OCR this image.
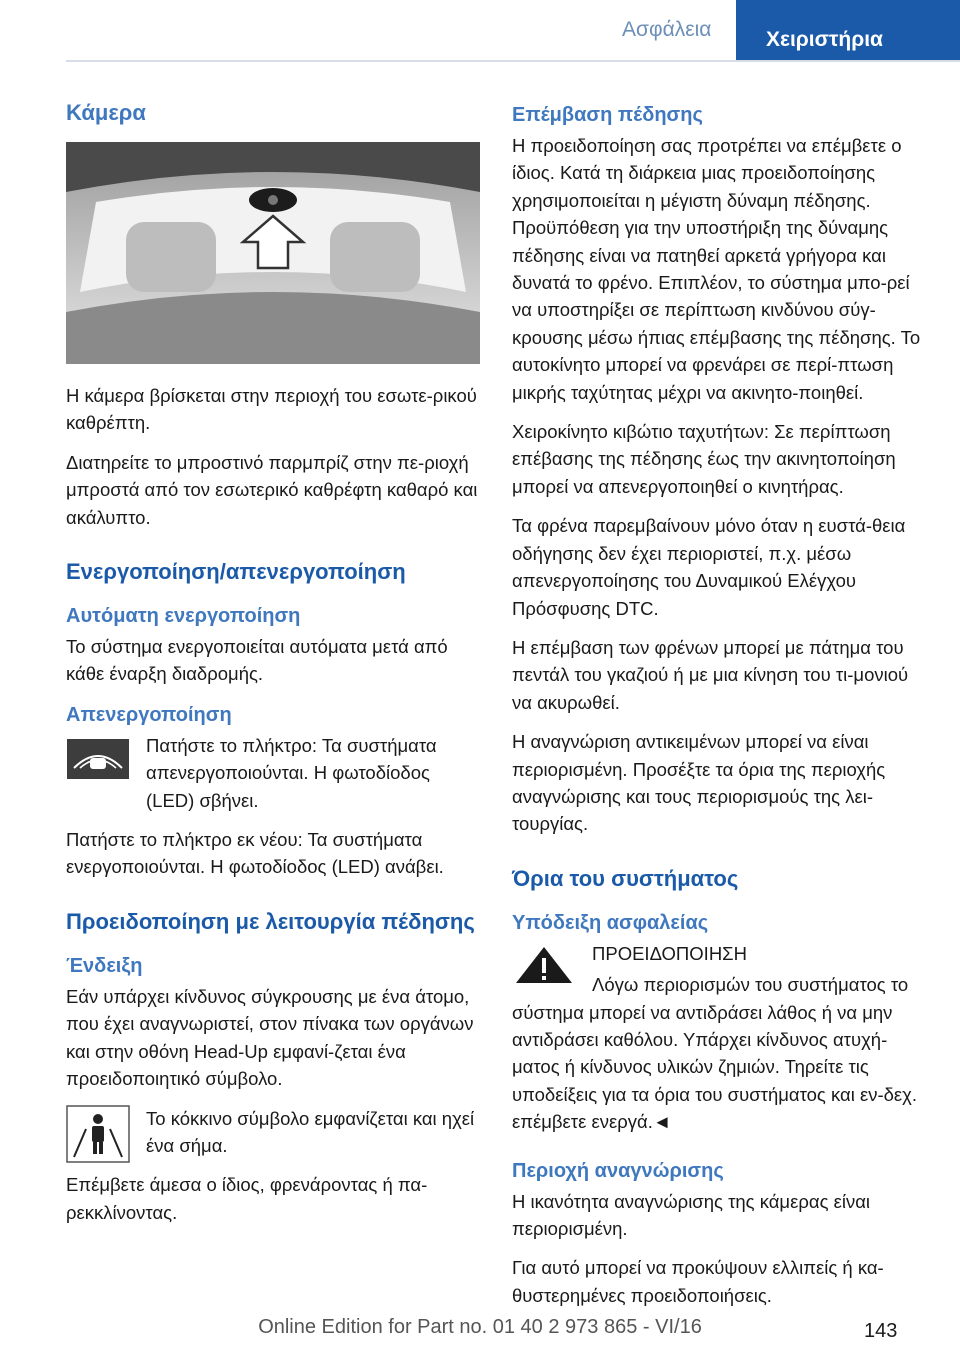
Ασφάλεια	Χειριστήρια
Κάμερα

Η κάμερα βρίσκεται στην περιοχή του εσωτε-ρικού καθρέπτη.

Διατηρείτε το μπροστινό παρμπρίζ στην πε-ριοχή μπροστά από τον εσωτερικό καθρέφτη καθαρό και ακάλυπτο.

Ενεργοποίηση/απενεργοποίηση
Αυτόματη ενεργοποίηση

Το σύστημα ενεργοποιείται αυτόματα μετά από κάθε έναρξη διαδρομής.

Απενεργοποίηση

Πατήστε το πλήκτρο: Τα συστήματα απενεργοποιούνται. Η φωτοδίοδος (LED) σβήνει.

Πατήστε το πλήκτρο εκ νέου: Τα συστήματα ενεργοποιούνται. Η φωτοδίοδος (LED) ανάβει.

Προειδοποίηση με λειτουργία πέδησης
Ένδειξη

Εάν υπάρχει κίνδυνος σύγκρουσης με ένα άτομο, που έχει αναγνωριστεί, στον πίνακα των οργάνων και στην οθόνη Head-Up εμφανί-ζεται ένα προειδοποιητικό σύμβολο.

Το κόκκινο σύμβολο εμφανίζεται και ηχεί ένα σήμα.

Επέμβετε άμεσα ο ίδιος, φρενάροντας ή πα-ρεκκλίνοντας.

Επέμβαση πέδησης

Η προειδοποίηση σας προτρέπει να επέμβετε ο ίδιος. Κατά τη διάρκεια μιας προειδοποίησης χρησιμοποιείται η μέγιστη δύναμη πέδησης. Προϋπόθεση για την υποστήριξη της δύναμης πέδησης είναι να πατηθεί αρκετά γρήγορα και δυνατά το φρένο. Επιπλέον, το σύστημα μπο-ρεί να υποστηρίξει σε περίπτωση κινδύνου σύγ-κρουσης μέσω ήπιας επέμβασης της πέδησης. Το αυτοκίνητο μπορεί να φρενάρει σε περί-πτωση μικρής ταχύτητας μέχρι να ακινητο-ποιηθεί.

Χειροκίνητο κιβώτιο ταχυτήτων: Σε περίπτωση επέβασης της πέδησης έως την ακινητοποίηση μπορεί να απενεργοποιηθεί ο κινητήρας.

Τα φρένα παρεμβαίνουν μόνο όταν η ευστά-θεια οδήγησης δεν έχει περιοριστεί, π.χ. μέσω απενεργοποίησης του Δυναμικού Ελέγχου Πρόσφυσης DTC.

Η επέμβαση των φρένων μπορεί με πάτημα του πεντάλ του γκαζιού ή με μια κίνηση του τι-μονιού να ακυρωθεί.

Η αναγνώριση αντικειμένων μπορεί να είναι περιορισμένη. Προσέξτε τα όρια της περιοχής αναγνώρισης και τους περιορισμούς της λει-τουργίας.

Όρια του συστήματος
Υπόδειξη ασφαλείας

ΠΡΟΕΙΔΟΠΟΙΗΣΗ

Λόγω περιορισμών του συστήματος το σύστημα μπορεί να αντιδράσει λάθος ή να μην αντιδράσει καθόλου. Υπάρχει κίνδυνος ατυχή-ματος ή κίνδυνος υλικών ζημιών. Τηρείτε τις υποδείξεις για τα όρια του συστήματος και εν-δεχ. επέμβετε ενεργά.◄

Περιοχή αναγνώρισης

Η ικανότητα αναγνώρισης της κάμερας είναι περιορισμένη.

Για αυτό μπορεί να προκύψουν ελλιπείς ή κα-θυστερημένες προειδοποιήσεις.

Online Edition for Part no. 01 40 2 973 865 - VI/16	143
